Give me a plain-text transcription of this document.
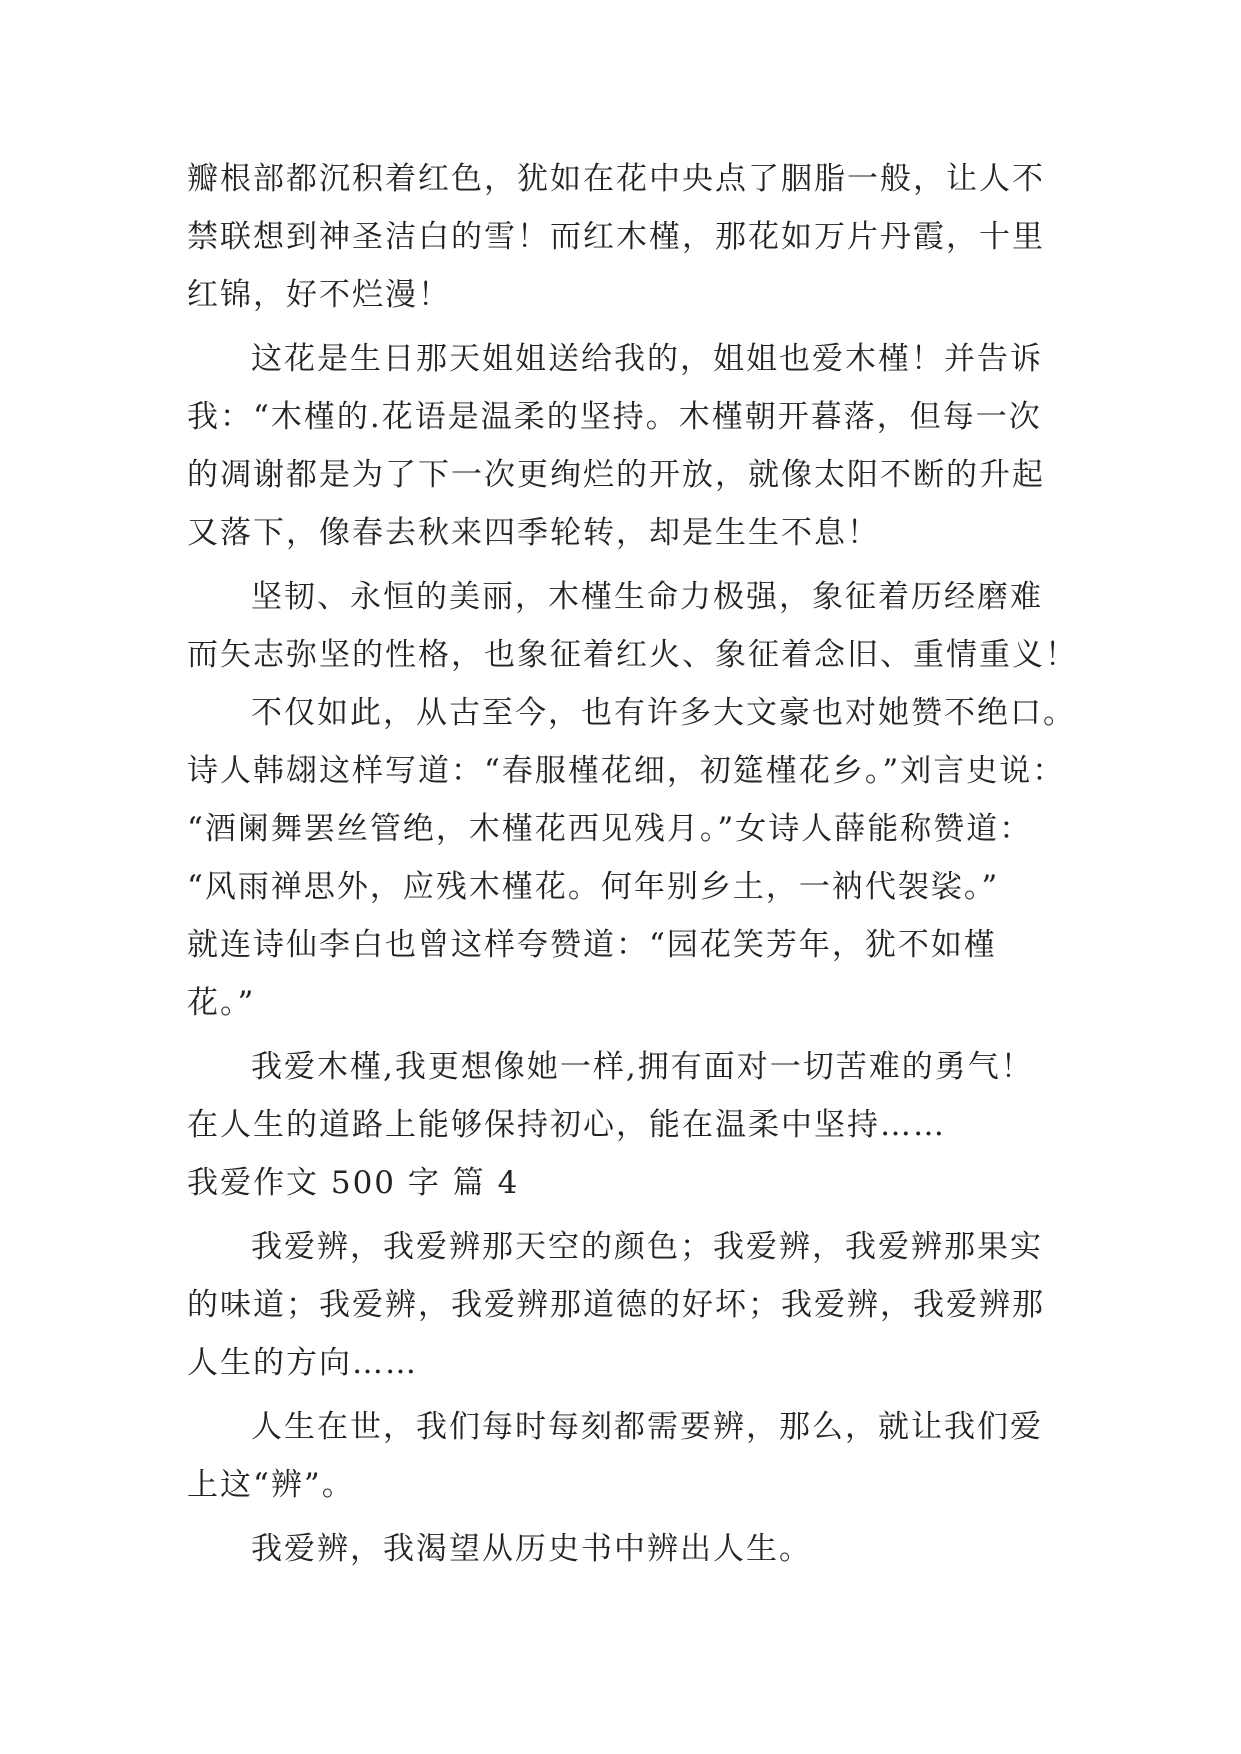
瓣根部都沉积着红色，犹如在花中央点了胭脂一般，让人不
禁联想到神圣洁白的雪！而红木槿，那花如万片丹霞，十里
红锦，好不烂漫！
这花是生日那天姐姐送给我的，姐姐也爱木槿！并告诉
我：“木槿的.花语是温柔的坚持。木槿朝开暮落，但每一次
的凋谢都是为了下一次更绚烂的开放，就像太阳不断的升起
又落下，像春去秋来四季轮转，却是生生不息！
坚韧、永恒的美丽，木槿生命力极强，象征着历经磨难
而矢志弥坚的性格，也象征着红火、象征着念旧、重情重义！
不仅如此，从古至今，也有许多大文豪也对她赞不绝口。
诗人韩翃这样写道：“春服槿花细，初筵槿花乡。”刘言史说：
“酒阑舞罢丝管绝，木槿花西见残月。”女诗人薛能称赞道：
“风雨禅思外，应残木槿花。何年别乡土，一衲代袈裟。”
就连诗仙李白也曾这样夸赞道：“园花笑芳年，犹不如槿
花。”
我爱木槿,我更想像她一样,拥有面对一切苦难的勇气！
在人生的道路上能够保持初心，能在温柔中坚持……
我爱作文 500 字 篇 4
我爱辨，我爱辨那天空的颜色；我爱辨，我爱辨那果实
的味道；我爱辨，我爱辨那道德的好坏；我爱辨，我爱辨那
人生的方向……
人生在世，我们每时每刻都需要辨，那么，就让我们爱
上这“辨”。
我爱辨，我渴望从历史书中辨出人生。
